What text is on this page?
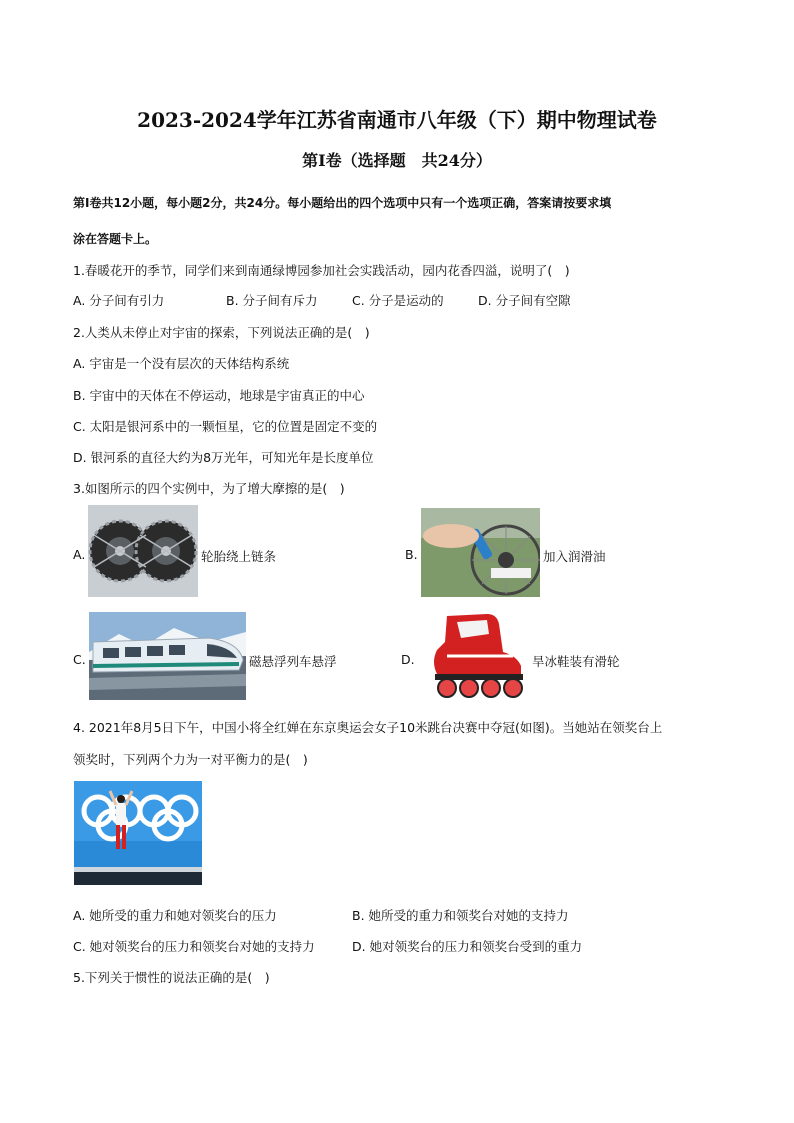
2023-2024学年江苏省南通市八年级（下）期中物理试卷
第Ⅰ卷（选择题　共24分）
第Ⅰ卷共12小题，每小题2分，共24分。每小题给出的四个选项中只有一个选项正确，答案请按要求填
涂在答题卡上。
1.春暖花开的季节，同学们来到南通绿博园参加社会实践活动，园内花香四溢，说明了(　)
A. 分子间有引力	B. 分子间有斥力	C. 分子是运动的	D. 分子间有空隙
2.人类从未停止对宇宙的探索，下列说法正确的是(　)
A. 宇宙是一个没有层次的天体结构系统
B. 宇宙中的天体在不停运动，地球是宇宙真正的中心
C. 太阳是银河系中的一颗恒星，它的位置是固定不变的
D. 银河系的直径大约为8万光年，可知光年是长度单位
3.如图所示的四个实例中，为了增大摩擦的是(　)
A.	轮胎绕上链条	B.	加入润滑油
C.	磁悬浮列车悬浮	D.	旱冰鞋装有滑轮
4. 2021年8月5日下午，中国小将全红婵在东京奥运会女子10米跳台决赛中夺冠(如图)。当她站在领奖台上
领奖时，下列两个力为一对平衡力的是(　)
A. 她所受的重力和她对领奖台的压力	B. 她所受的重力和领奖台对她的支持力
C. 她对领奖台的压力和领奖台对她的支持力	D. 她对领奖台的压力和领奖台受到的重力
5.下列关于惯性的说法正确的是(　)
